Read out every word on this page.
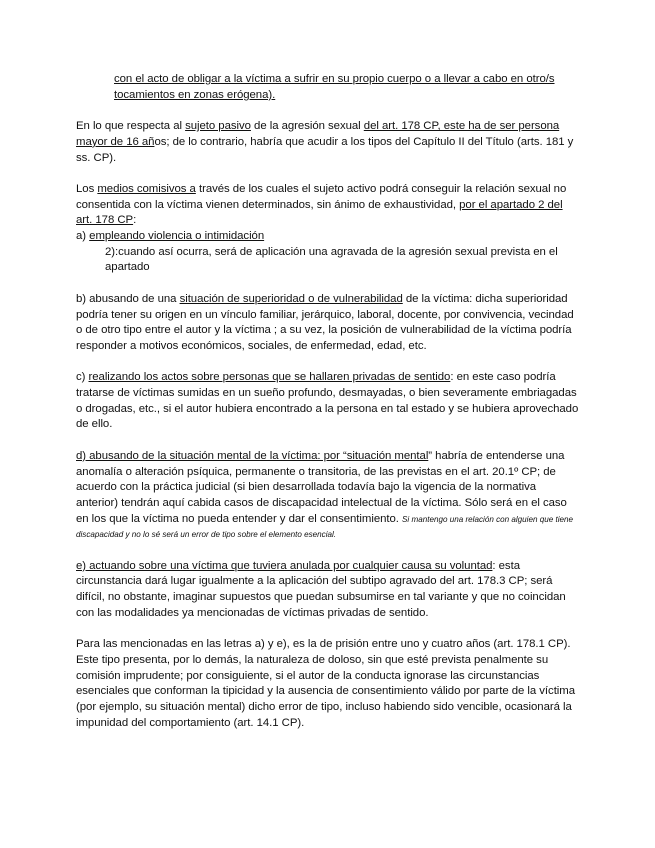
con el acto de obligar a la víctima a sufrir en su propio cuerpo o a llevar a cabo en otro/s tocamientos en zonas erógena).

En lo que respecta al sujeto pasivo de la agresión sexual del art. 178 CP, este ha de ser persona mayor de 16 años; de lo contrario, habría que acudir a los tipos del Capítulo II del Título (arts. 181 y ss. CP).

Los medios comisivos a través de los cuales el sujeto activo podrá conseguir la relación sexual no consentida con la víctima vienen determinados, sin ánimo de exhaustividad, por el apartado 2 del art. 178 CP:

a) empleando violencia o intimidación

2):cuando así ocurra, será de aplicación una agravada de la agresión sexual prevista en el apartado

b) abusando de una situación de superioridad o de vulnerabilidad de la víctima: dicha superioridad podría tener su origen en un vínculo familiar, jerárquico, laboral, docente, por convivencia, vecindad o de otro tipo entre el autor y la víctima ; a su vez, la posición de vulnerabilidad de la víctima podría responder a motivos económicos, sociales, de enfermedad, edad, etc.

c) realizando los actos sobre personas que se hallaren privadas de sentido: en este caso podría tratarse de víctimas sumidas en un sueño profundo, desmayadas, o bien severamente embriagadas o drogadas, etc., si el autor hubiera encontrado a la persona en tal estado y se hubiera aprovechado de ello.

d) abusando de la situación mental de la víctima: por “situación mental” habría de entenderse una anomalía o alteración psíquica, permanente o transitoria, de las previstas en el art. 20.1º CP; de acuerdo con la práctica judicial (si bien desarrollada todavía bajo la vigencia de la normativa anterior) tendrán aquí cabida casos de discapacidad intelectual de la víctima. Sólo será en el caso en los que la víctima no pueda entender y dar el consentimiento. Si mantengo una relación con alguien que tiene discapacidad y no lo sé será un error de tipo sobre el elemento esencial.

e) actuando sobre una víctima que tuviera anulada por cualquier causa su voluntad: esta circunstancia dará lugar igualmente a la aplicación del subtipo agravado del art. 178.3 CP; será difícil, no obstante, imaginar supuestos que puedan subsumirse en tal variante y que no coincidan con las modalidades ya mencionadas de víctimas privadas de sentido.

Para las mencionadas en las letras a) y e), es la de prisión entre uno y cuatro años (art. 178.1 CP). Este tipo presenta, por lo demás, la naturaleza de doloso, sin que esté prevista penalmente su comisión imprudente; por consiguiente, si el autor de la conducta ignorase las circunstancias esenciales que conforman la tipicidad y la ausencia de consentimiento válido por parte de la víctima (por ejemplo, su situación mental) dicho error de tipo, incluso habiendo sido vencible, ocasionará la impunidad del comportamiento (art. 14.1 CP).
